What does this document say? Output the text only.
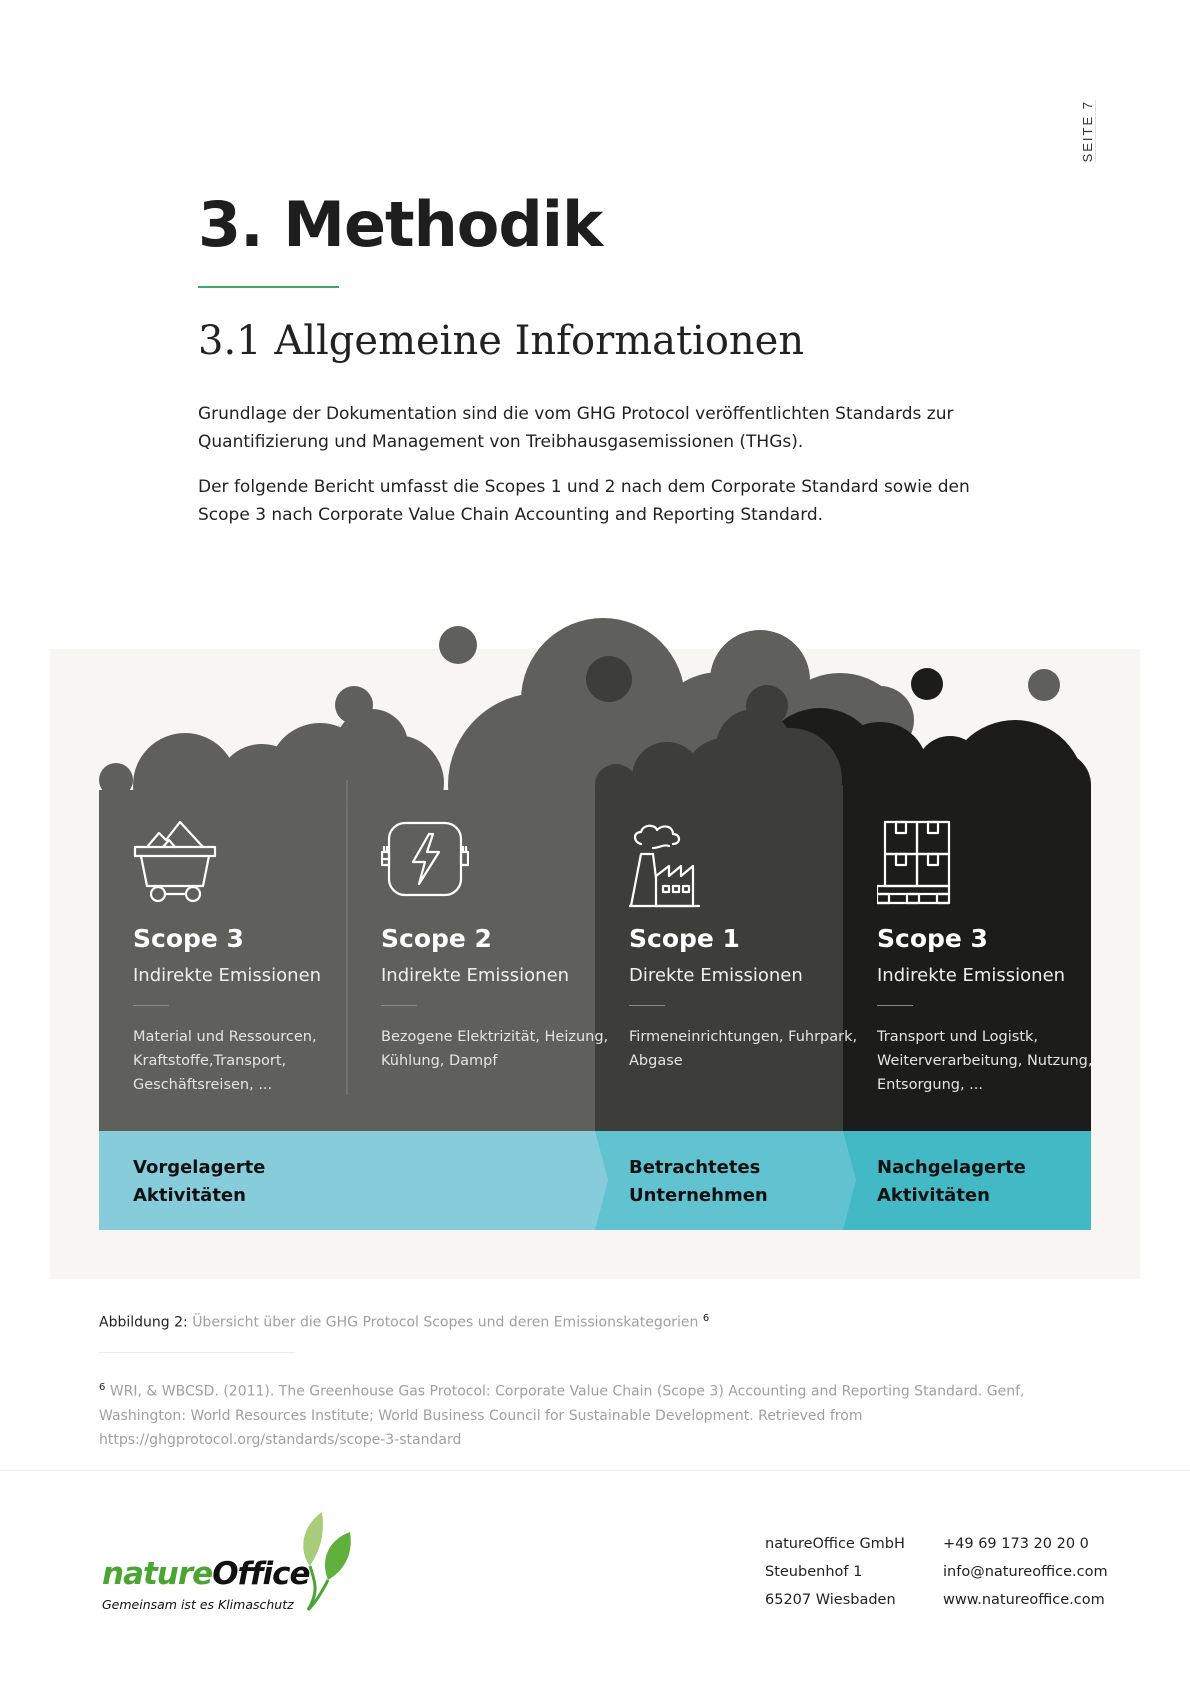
SEITE 7
3. Methodik
3.1 Allgemeine Informationen

Grundlage der Dokumentation sind die vom GHG Protocol veröffentlichten Standards zur Quantifizierung und Management von Treibhausgasemissionen (THGs).

Der folgende Bericht umfasst die Scopes 1 und 2 nach dem Corporate Standard sowie den Scope 3 nach Corporate Value Chain Accounting and Reporting Standard.

Scope 3
Indirekte Emissionen
Material und Ressourcen, Kraftstoffe,Transport, Geschäftsreisen, ...
Scope 2
Indirekte Emissionen
Bezogene Elektrizität, Heizung, Kühlung, Dampf
Scope 1
Direkte Emissionen
Firmeneinrichtungen, Fuhrpark, Abgase
Scope 3
Indirekte Emissionen
Transport und Logistk, Weiterverarbeitung, Nutzung, Entsorgung, ...
Vorgelagerte
Aktivitäten
Betrachtetes
Unternehmen
Nachgelagerte
Aktivitäten
Abbildung 2: Übersicht über die GHG Protocol Scopes und deren Emissionskategorien $^6$

$^6$ WRI, & WBCSD. (2011). The Greenhouse Gas Protocol: Corporate Value Chain (Scope 3) Accounting and Reporting Standard. Genf, Washington: World Resources Institute; World Business Council for Sustainable Development. Retrieved from https://ghgprotocol.org/standards/scope-3-standard

natureOffice
Gemeinsam ist es Klimaschutz
natureOffice GmbH
Steubenhof 1
65207 Wiesbaden
+49 69 173 20 20 0
info@natureoffice.com
www.natureoffice.com
